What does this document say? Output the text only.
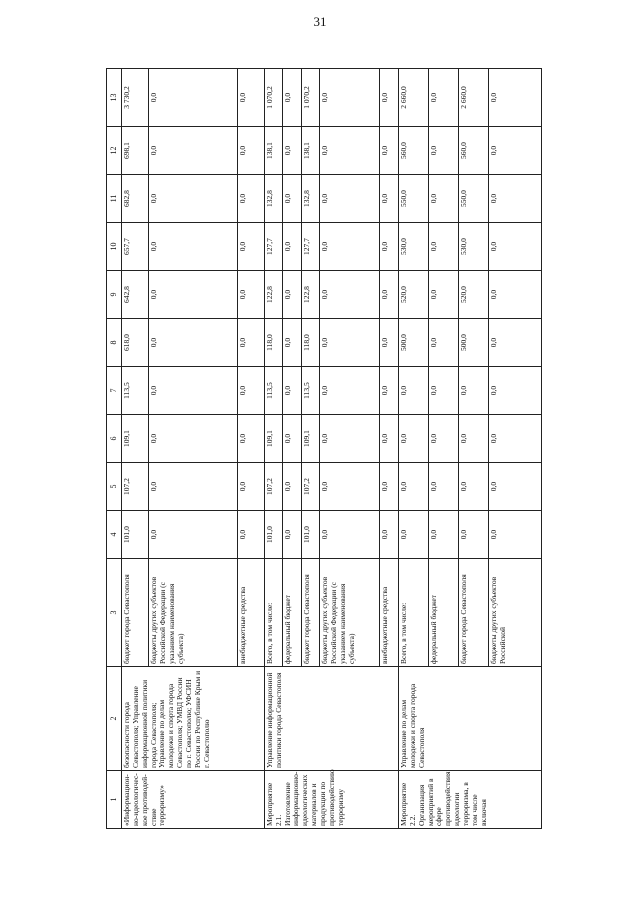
31
1	2	3	4	5	6	7	8	9	10	11	12	13
«Информацион-но-идеологичес-кое противодей-ствие терроризму»	безопасности города Севастополя; Управление информационной политики города Севастополя; Управление по делам молодежи и спорта города Севастополя; УМВД России по г. Севастополю; УФСИН России по Республике Крым и г. Севастополю	бюджет города Севастополя	101,0	107,2	109,1	113,5	618,0	642,8	657,7	682,8	698,1	3 730,2
		бюджеты других субъектов Российской Федерации (с указанием наименования субъекта)	0,0	0,0	0,0	0,0	0,0	0,0	0,0	0,0	0,0	0,0
		внебюджетные средства	0,0	0,0	0,0	0,0	0,0	0,0	0,0	0,0	0,0	0,0
Мероприятие 2.1. Изготовление информационно-идеологических материалов и продукции по противодействию терроризму	Управление информационной политики города Севастополя	Всего, в том числе:	101,0	107,2	109,1	113,5	118,0	122,8	127,7	132,8	138,1	1 070,2
		федеральный бюджет	0,0	0,0	0,0	0,0	0,0	0,0	0,0	0,0	0,0	0,0
		бюджет города Севастополя	101,0	107,2	109,1	113,5	118,0	122,8	127,7	132,8	138,1	1 070,2
		бюджеты других субъектов Российской Федерации (с указанием наименования субъекта)	0,0	0,0	0,0	0,0	0,0	0,0	0,0	0,0	0,0	0,0
		внебюджетные средства	0,0	0,0	0,0	0,0	0,0	0,0	0,0	0,0	0,0	0,0
Мероприятие 2.2. Организация мероприятий в сфере противодействия идеологии терроризма, в том числе включая	Управление по делам молодежи и спорта города Севастополя	Всего, в том числе:	0,0	0,0	0,0	0,0	500,0	520,0	530,0	550,0	560,0	2 660,0
		федеральный бюджет	0,0	0,0	0,0	0,0	0,0	0,0	0,0	0,0	0,0	0,0
		бюджет города Севастополя	0,0	0,0	0,0	0,0	500,0	520,0	530,0	550,0	560,0	2 660,0
		бюджеты других субъектов Российской	0,0	0,0	0,0	0,0	0,0	0,0	0,0	0,0	0,0	0,0
